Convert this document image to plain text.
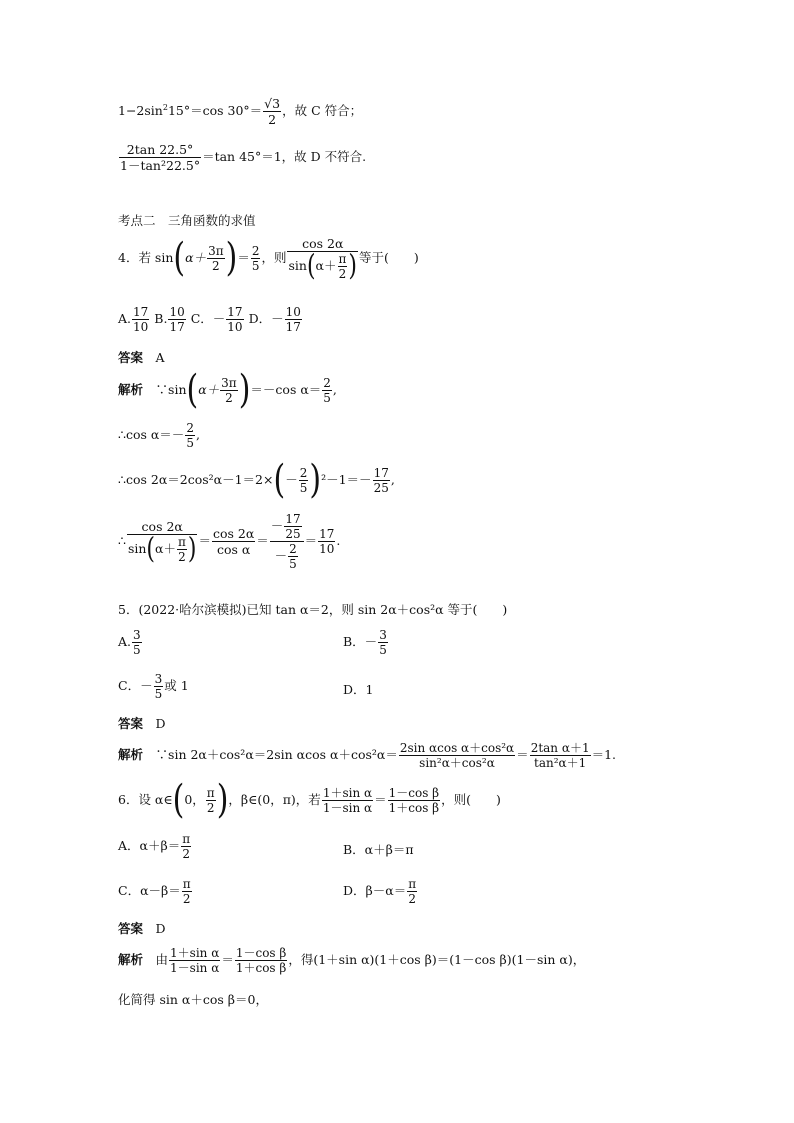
$1-2\sin^215^\circ=\cos$ $30^\circ= \frac{√3}{2}$ ，故 C 符合；
$\frac{2\tan 22.5^\circ}{\text{1－tan²22.5°}} =\tan$ 45°＝1，故 D 不符合.
考点二　三角函数的求值
4．若 $\sin(\alpha+ \frac{3\pi}{2}$ )＝ $\frac{2}{5}$ ，则 $\frac{\cos 2\alpha}{\sin(\alpha+ \frac{\pi}{2} )}$ 等于(　　)
A. $\frac{17}{10} B$. $\frac{10}{17}$ C．－ $\frac{17}{10}$ D．－ $\frac{10}{17}$
答案　 A
解析　 ∵sin(α＋ $\frac{3\pi}{2} )=-\cos$ $\alpha= \frac{2}{5}$ ,
∴cos $\alpha=- \frac{2}{5}$ ,
∴cos $2\alpha=2\cos^2\alpha-1=2\times(- \frac{2}{5} )^2-1=- \frac{17}{25}$ ,
∴ $\frac{\cos 2\alpha}{\sin(\alpha+ \frac{\pi}{2} )} = \frac{\cos 2\alpha}{\text{cos α}} = \frac{- \frac{17}{25}}{- \frac{2}{5}} = \frac{17}{10}$ .
5．(2022·哈尔滨模拟)已知 tan α＝2，则 sin 2α＋cos²α 等于(　　)
A. $\frac{3}{5}$	B．－ $\frac{3}{5}$
C．－ $\frac{3}{5}$ 或 1	D．1
答案　 D
解析　 ∵sin 2α＋cos²α＝2sin αcos $\alpha+\cos^2\alpha= \frac{\text{2sin αcos α＋cos²α}}{\text{sin²α＋cos²α}} = \frac{\text{2tan α＋1}}{\text{tan²α＋1}} =1$.
6．设 α∈(0， $\frac{\pi}{2}$ )，β∈(0，π)，若 $\frac{\text{1＋sin α}}{\text{1－sin α}} = \frac{\text{1－cos β}}{\text{1＋cos β}}$ ，则(　　)
A．$\alpha+\beta= \frac{\pi}{2}$	B．α＋β＝π
C．$\alpha-\beta= \frac{\pi}{2}$	D．$\beta-\alpha= \frac{\pi}{2}$
答案　 D
解析　 由 $\frac{\text{1＋sin α}}{\text{1－sin α}} = \frac{\text{1－cos β}}{\text{1＋cos β}}$ ，得(1＋sin α)(1＋cos β)＝(1－cos β)(1－sin α)，
化简得 sin α＋cos β＝0，
